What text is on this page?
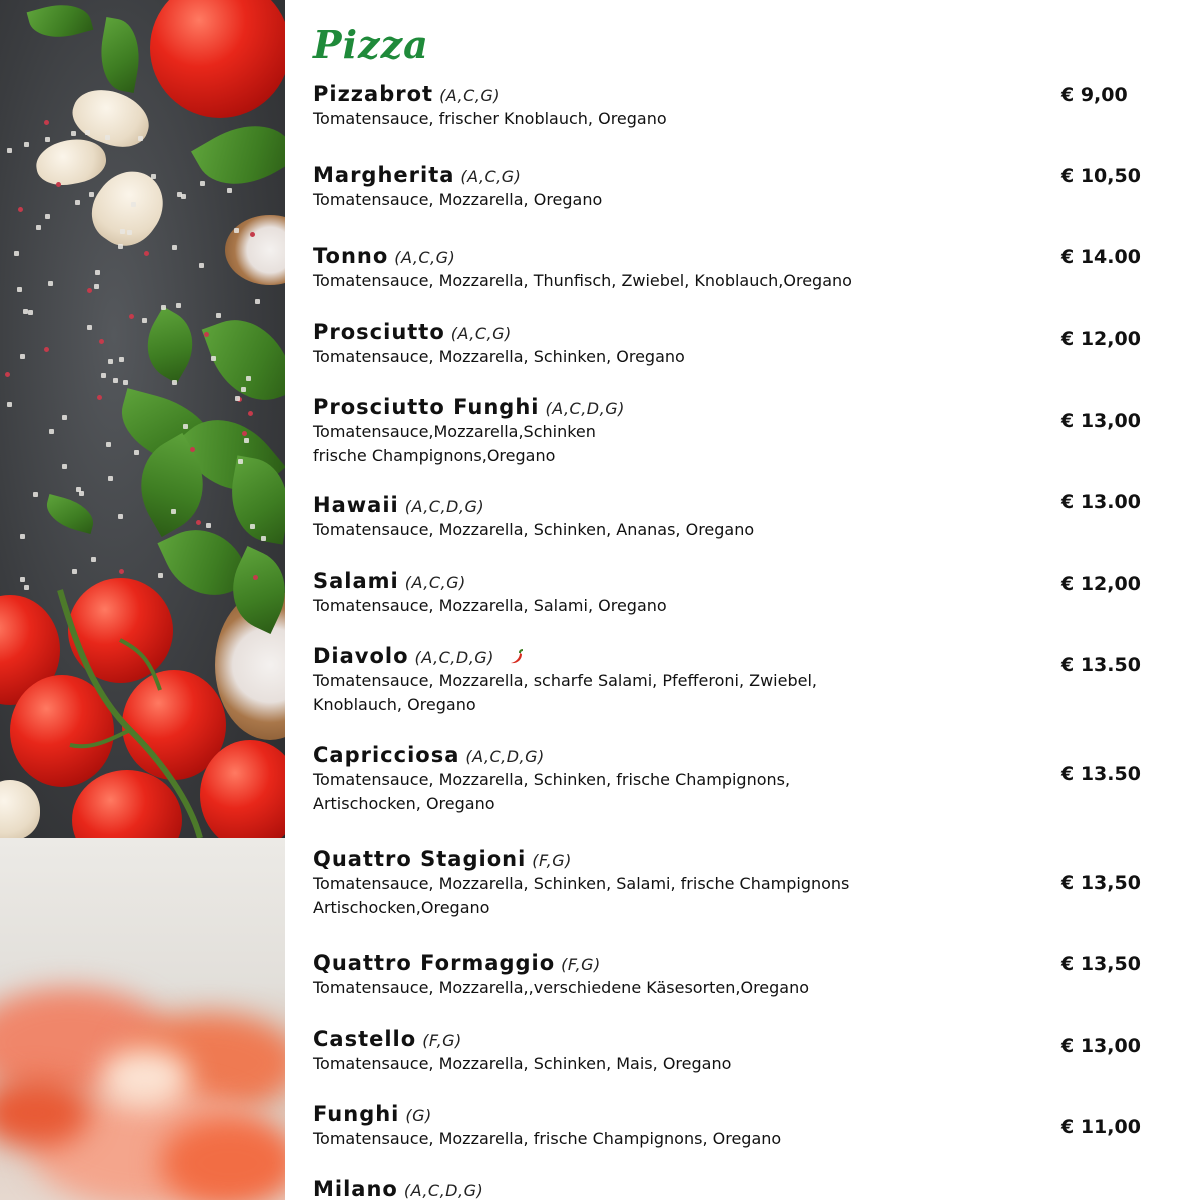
Pizza
Pizzabrot (A,C,G)
Tomatensauce, frischer Knoblauch, Oregano
€ 9,00
Margherita (A,C,G)
Tomatensauce, Mozzarella, Oregano
€ 10,50
Tonno (A,C,G)
Tomatensauce, Mozzarella, Thunfisch, Zwiebel, Knoblauch,Oregano
€ 14.00
Prosciutto (A,C,G)
Tomatensauce, Mozzarella, Schinken, Oregano
€ 12,00
Prosciutto Funghi (A,C,D,G)
Tomatensauce,Mozzarella,Schinken
frische Champignons,Oregano
€ 13,00
Hawaii (A,C,D,G)
Tomatensauce, Mozzarella, Schinken, Ananas, Oregano
€ 13.00
Salami (A,C,G)
Tomatensauce, Mozzarella, Salami, Oregano
€ 12,00
Diavolo (A,C,D,G)
Tomatensauce, Mozzarella, scharfe Salami, Pfefferoni, Zwiebel,
Knoblauch, Oregano
€ 13.50
Capricciosa (A,C,D,G)
Tomatensauce, Mozzarella, Schinken, frische Champignons,
Artischocken, Oregano
€ 13.50
Quattro Stagioni (F,G)
Tomatensauce, Mozzarella, Schinken, Salami, frische Champignons
Artischocken,Oregano
€ 13,50
Quattro Formaggio (F,G)
Tomatensauce, Mozzarella,,verschiedene Käsesorten,Oregano
€ 13,50
Castello (F,G)
Tomatensauce, Mozzarella, Schinken, Mais, Oregano
€ 13,00
Funghi (G)
Tomatensauce, Mozzarella, frische Champignons, Oregano
€ 11,00
Milano (A,C,D,G)
